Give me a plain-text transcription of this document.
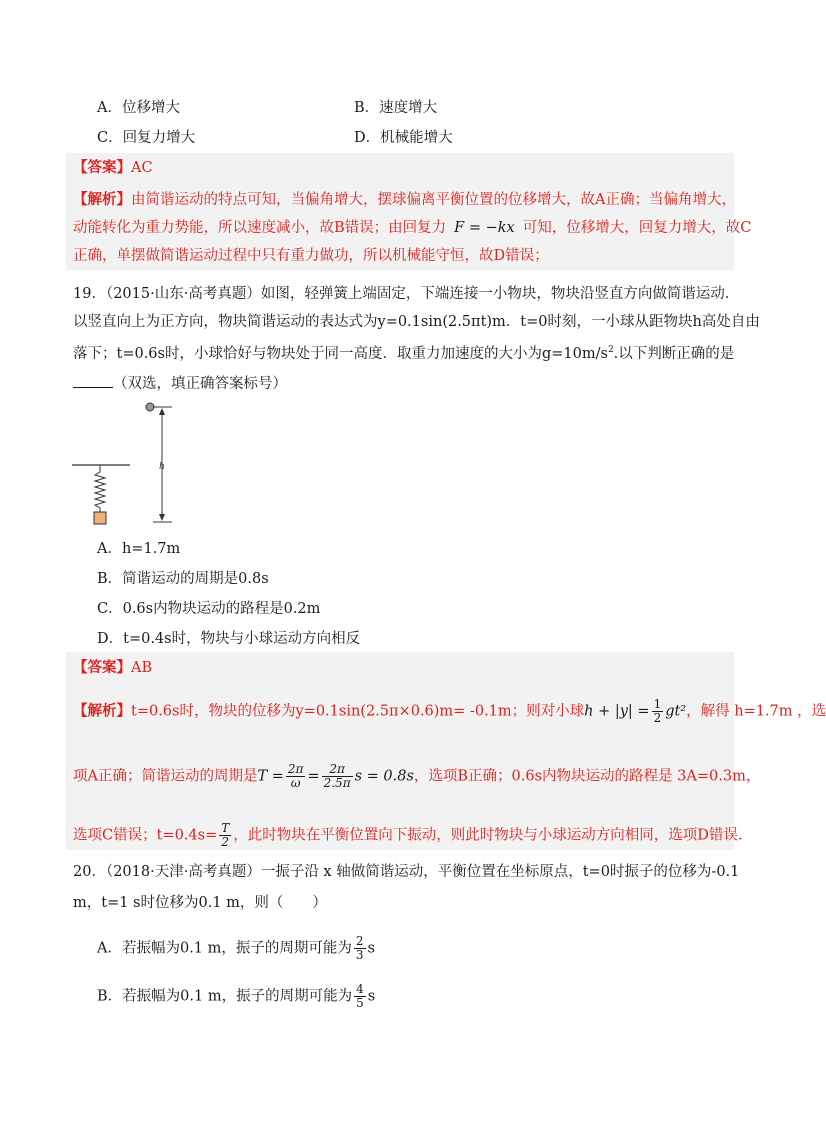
A．位移增大	B．速度增大
C．回复力增大	D．机械能增大
【答案】AC
【解析】由简谐运动的特点可知，当偏角增大，摆球偏离平衡位置的位移增大，故A正确；当偏角增大，
动能转化为重力势能，所以速度减小，故B错误；由回复力 F = −kx 可知，位移增大，回复力增大，故C
正确，单摆做简谐运动过程中只有重力做功，所以机械能守恒，故D错误；
19．（2015·山东·高考真题）如图，轻弹簧上端固定，下端连接一小物块，物块沿竖直方向做简谐运动．
以竖直向上为正方向，物块简谐运动的表达式为y=0.1sin(2.5πt)m．t=0时刻，一小球从距物块h高处自由
落下；t=0.6s时，小球恰好与物块处于同一高度．取重力加速度的大小为$g=10m/s^2$.以下判断正确的是
（双选，填正确答案标号）
h
A．h=1.7m
B．简谐运动的周期是0.8s
C．0.6s内物块运动的路程是0.2m
D．t=0.4s时，物块与小球运动方向相反
【答案】AB
【解析】t=0.6s时，物块的位移为y=0.1sin(2.5π×0.6)m= -0.1m；则对小球$h + |y| = \frac{1}{2} gt^2$，解得 h=1.7m ，选
项A正确；简谐运动的周期是$T = \frac{2\pi}{\omega} = \frac{2\pi}{2.5\pi}$ s = 0.8s，选项B正确；0.6s内物块运动的路程是 3A=0.3m，
选项C错误；$t=0.4s= \frac{T}{2}$ ，此时物块在平衡位置向下振动，则此时物块与小球运动方向相同，选项D错误.
20．（2018·天津·高考真题）一振子沿 x 轴做简谐运动，平衡位置在坐标原点，t=0时振子的位移为-0.1
m，t=1 s时位移为0.1 m，则（　　）
A．若振幅为0.1 m，振子的周期可能为 $\frac{2}{3}$ s
B．若振幅为0.1 m，振子的周期可能为 $\frac{4}{5}$ s
